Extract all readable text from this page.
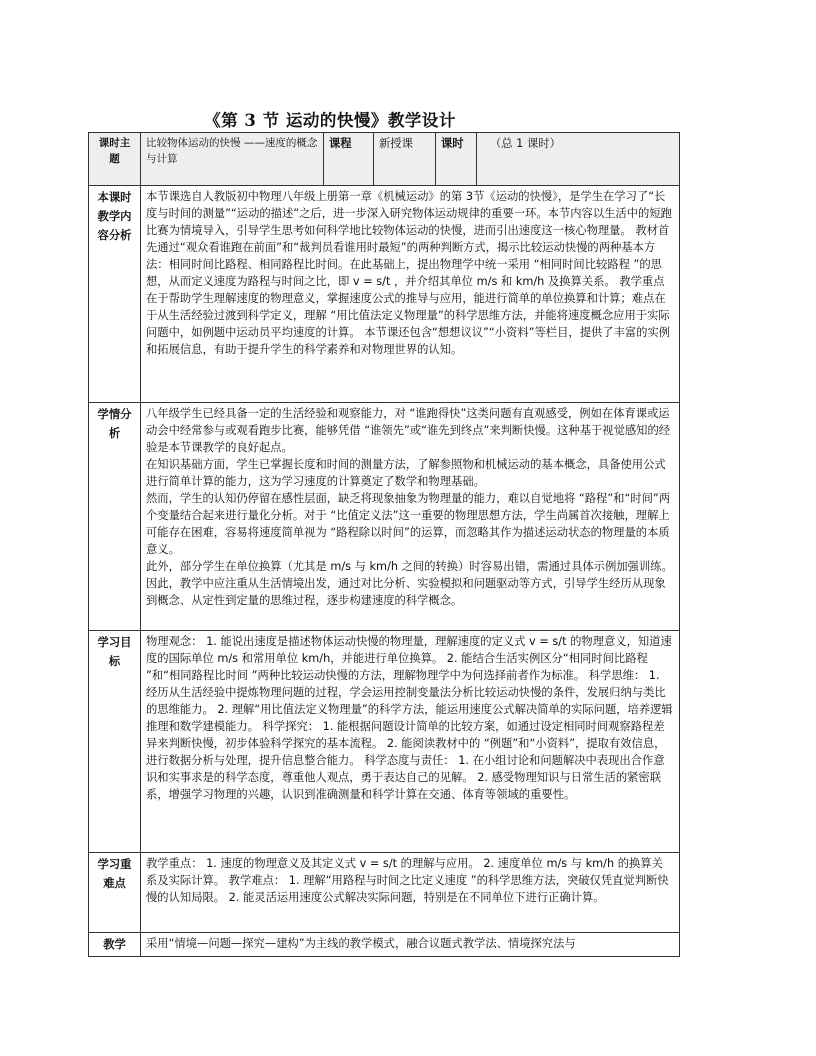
《第 3 节 运动的快慢》教学设计
课时主题	比较物体运动的快慢 ——速度的概念与计算	课程	新授课	课时	（总 1 课时）

本课时教学内容分析	本节课选自人教版初中物理八年级上册第一章《机械运动》的第 3节《运动的快慢》，是学生在学习了“长度与时间的测量”“运动的描述”之后，进一步深入研究物体运动规律的重要一环。本节内容以生活中的短跑比赛为情境导入，引导学生思考如何科学地比较物体运动的快慢，进而引出速度这一核心物理量。 教材首先通过“观众看谁跑在前面”和“裁判员看谁用时最短”的两种判断方式，揭示比较运动快慢的两种基本方法：相同时间比路程、相同路程比时间。在此基础上，提出物理学中统一采用 “相同时间比较路程 ”的思想，从而定义速度为路程与时间之比，即 v = s/t ，并介绍其单位 m/s 和 km/h 及换算关系。 教学重点在于帮助学生理解速度的物理意义，掌握速度公式的推导与应用，能进行简单的单位换算和计算；难点在于从生活经验过渡到科学定义，理解 “用比值法定义物理量”的科学思维方法，并能将速度概念应用于实际问题中，如例题中运动员平均速度的计算。 本节课还包含“想想议议”“小资料”等栏目，提供了丰富的实例和拓展信息，有助于提升学生的科学素养和对物理世界的认知。				

学情分析	八年级学生已经具备一定的生活经验和观察能力，对 “谁跑得快”这类问题有直观感受，例如在体育课或运动会中经常参与或观看跑步比赛，能够凭借 “谁领先”或“谁先到终点”来判断快慢。这种基于视觉感知的经验是本节课教学的良好起点。

在知识基础方面，学生已掌握长度和时间的测量方法，了解参照物和机械运动的基本概念，具备使用公式进行简单计算的能力，这为学习速度的计算奠定了数学和物理基础。

然而，学生的认知仍停留在感性层面，缺乏将现象抽象为物理量的能力，难以自觉地将 “路程”和“时间”两个变量结合起来进行量化分析。对于 “比值定义法”这一重要的物理思想方法，学生尚属首次接触，理解上可能存在困难，容易将速度简单视为 “路程除以时间”的运算，而忽略其作为描述运动状态的物理量的本质意义。

此外，部分学生在单位换算（尤其是 m/s 与 km/h 之间的转换）时容易出错，需通过具体示例加强训练。因此，教学中应注重从生活情境出发，通过对比分析、实验模拟和问题驱动等方式，引导学生经历从现象到概念、从定性到定量的思维过程，逐步构建速度的科学概念。				

学习目标	物理观念： 1. 能说出速度是描述物体运动快慢的物理量，理解速度的定义式 v = s/t 的物理意义，知道速度的国际单位 m/s 和常用单位 km/h，并能进行单位换算。 2. 能结合生活实例区分“相同时间比路程 ”和“相同路程比时间 ”两种比较运动快慢的方法，理解物理学中为何选择前者作为标准。 科学思维： 1. 经历从生活经验中提炼物理问题的过程，学会运用控制变量法分析比较运动快慢的条件，发展归纳与类比的思维能力。 2. 理解“用比值法定义物理量”的科学方法，能运用速度公式解决简单的实际问题，培养逻辑推理和数学建模能力。 科学探究： 1. 能根据问题设计简单的比较方案，如通过设定相同时间观察路程差异来判断快慢，初步体验科学探究的基本流程。 2. 能阅读教材中的 “例题”和“小资料”，提取有效信息，进行数据分析与处理，提升信息整合能力。 科学态度与责任： 1. 在小组讨论和问题解决中表现出合作意识和实事求是的科学态度，尊重他人观点，勇于表达自己的见解。 2. 感受物理知识与日常生活的紧密联系，增强学习物理的兴趣，认识到准确测量和科学计算在交通、体育等领域的重要性。				

学习重难点	教学重点： 1. 速度的物理意义及其定义式 v = s/t 的理解与应用。 2. 速度单位 m/s 与 km/h 的换算关系及实际计算。 教学难点： 1. 理解“用路程与时间之比定义速度 ”的科学思维方法，突破仅凭直觉判断快慢的认知局限。 2. 能灵活运用速度公式解决实际问题，特别是在不同单位下进行正确计算。				

教学	采用“情境—问题—探究—建构”为主线的教学模式，融合议题式教学法、情境探究法与				
